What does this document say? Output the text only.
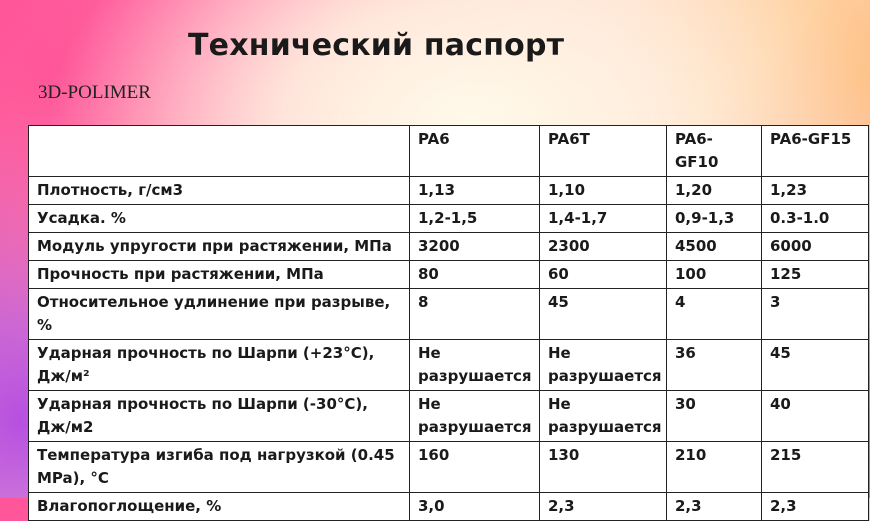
Технический паспорт
3D-POLIMER
	PA6	PA6T	PA6-GF10	PA6-GF15
Плотность, г/см3	1,13	1,10	1,20	1,23
Усадка. %	1,2-1,5	1,4-1,7	0,9-1,3	0.3-1.0
Модуль упругости при растяжении, МПа	3200	2300	4500	6000
Прочность при растяжении, МПа	80	60	100	125
Относительное удлинение при разрыве, %	8	45	4	3
Ударная прочность по Шарпи (+23°С), Дж/м²	Не разрушается	Не разрушается	36	45
Ударная прочность по Шарпи (-30°С), Дж/м2	Не разрушается	Не разрушается	30	40
Температура изгиба под нагрузкой (0.45 MPa), °С	160	130	210	215
Влагопоглощение, %	3,0	2,3	2,3	2,3
